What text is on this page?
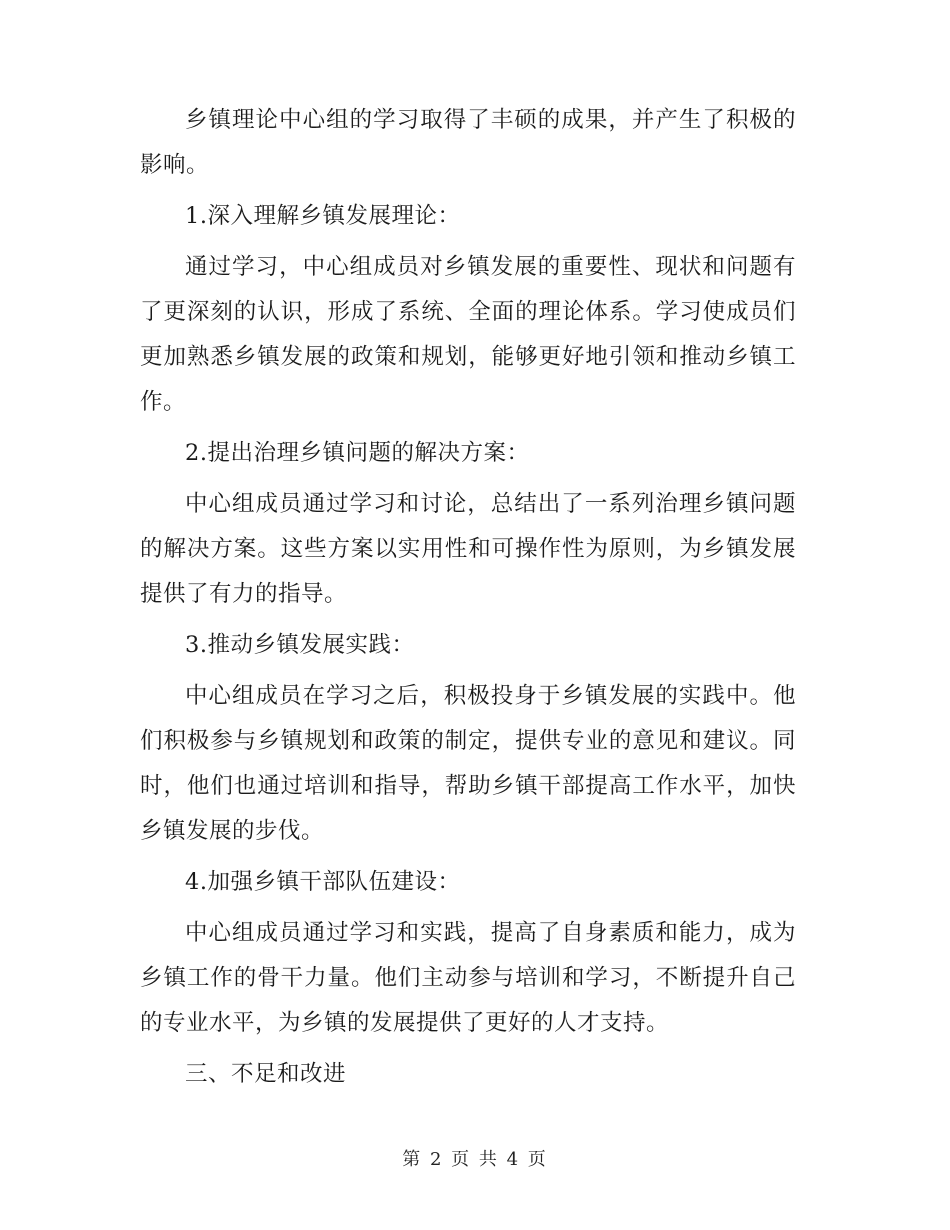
乡镇理论中心组的学习取得了丰硕的成果，并产生了积极的影响。

1.深入理解乡镇发展理论：

通过学习，中心组成员对乡镇发展的重要性、现状和问题有了更深刻的认识，形成了系统、全面的理论体系。学习使成员们更加熟悉乡镇发展的政策和规划，能够更好地引领和推动乡镇工作。

2.提出治理乡镇问题的解决方案：

中心组成员通过学习和讨论，总结出了一系列治理乡镇问题的解决方案。这些方案以实用性和可操作性为原则，为乡镇发展提供了有力的指导。

3.推动乡镇发展实践：

中心组成员在学习之后，积极投身于乡镇发展的实践中。他们积极参与乡镇规划和政策的制定，提供专业的意见和建议。同时，他们也通过培训和指导，帮助乡镇干部提高工作水平，加快乡镇发展的步伐。

4.加强乡镇干部队伍建设：

中心组成员通过学习和实践，提高了自身素质和能力，成为乡镇工作的骨干力量。他们主动参与培训和学习，不断提升自己的专业水平，为乡镇的发展提供了更好的人才支持。

三、不足和改进

第 2 页 共 4 页
